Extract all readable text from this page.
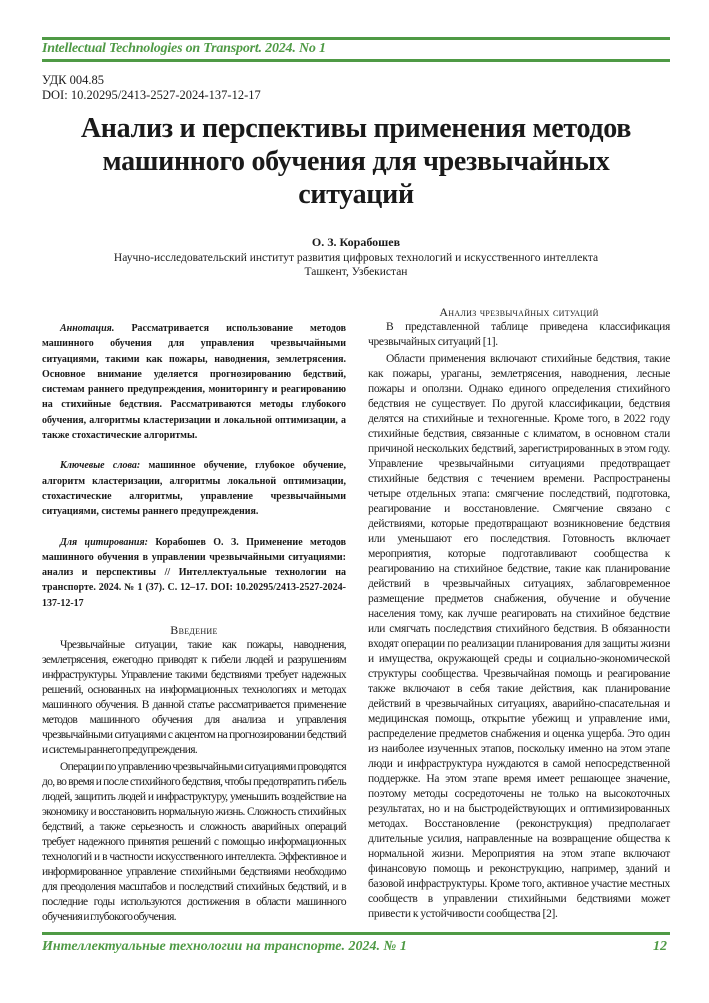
Intellectual Technologies on Transport. 2024. No 1
УДК 004.85
DOI: 10.20295/2413-2527-2024-137-12-17
Анализ и перспективы применения методов
машинного обучения для чрезвычайных
ситуаций
О. З. Корабошев
Научно-исследовательский институт развития цифровых технологий и искусственного интеллекта
Ташкент, Узбекистан

Аннотация. Рассматривается использование методов машинного обучения для управления чрезвычайными ситуациями, такими как пожары, наводнения, землетрясения. Основное внимание уделяется прогнозированию бедствий, системам раннего предупреждения, мониторингу и реагированию на стихийные бедствия. Рассматриваются методы глубокого обучения, алгоритмы кластеризации и локальной оптимизации, а также стохастические алгоритмы.

Ключевые слова: машинное обучение, глубокое обучение, алгоритм кластеризации, алгоритмы локальной оптимизации, стохастические алгоритмы, управление чрезвычайными ситуациями, системы раннего предупреждения.

Для цитирования: Корабошев О. З. Применение методов машинного обучения в управлении чрезвычайными ситуациями: анализ и перспективы // Интеллектуальные технологии на транспорте. 2024. № 1 (37). С. 12–17. DOI: 10.20295/2413-2527-2024-137-12-17

Введение

Чрезвычайные ситуации, такие как пожары, наводнения, землетрясения, ежегодно приводят к гибели людей и разрушениям инфраструктуры. Управление такими бедствиями требует надежных решений, основанных на информационных технологиях и методах машинного обучения. В данной статье рассматривается применение методов машинного обучения для анализа и управления чрезвычайными ситуациями с акцентом на прогнозировании бедствий и системы раннего предупреждения.

Операции по управлению чрезвычайными ситуациями проводятся до, во время и после стихийного бедствия, чтобы предотвратить гибель людей, защитить людей и инфраструктуру, уменьшить воздействие на экономику и восстановить нормальную жизнь. Сложность стихийных бедствий, а также серьезность и сложность аварийных операций требует надежного принятия решений с помощью информационных технологий и в частности искусственного интеллекта. Эффективное и информированное управление стихийными бедствиями необходимо для преодоления масштабов и последствий стихийных бедствий, и в последние годы используются достижения в области машинного обучения и глубокого обучения.

Анализ чрезвычайных ситуаций

В представленной таблице приведена классификация чрезвычайных ситуаций [1].

Области применения включают стихийные бедствия, такие как пожары, ураганы, землетрясения, наводнения, лесные пожары и оползни. Однако единого определения стихийного бедствия не существует. По другой классификации, бедствия делятся на стихийные и техногенные. Кроме того, в 2022 году стихийные бедствия, связанные с климатом, в основном стали причиной нескольких бедствий, зарегистрированных в этом году. Управление чрезвычайными ситуациями предотвращает стихийные бедствия с течением времени. Распространены четыре отдельных этапа: смягчение последствий, подготовка, реагирование и восстановление. Смягчение связано с действиями, которые предотвращают возникновение бедствия или уменьшают его последствия. Готовность включает мероприятия, которые подготавливают сообщества к реагированию на стихийное бедствие, такие как планирование действий в чрезвычайных ситуациях, заблаговременное размещение предметов снабжения, обучение и обучение населения тому, как лучше реагировать на стихийное бедствие или смягчать последствия стихийного бедствия. В обязанности входят операции по реализации планирования для защиты жизни и имущества, окружающей среды и социально-экономической структуры сообщества. Чрезвычайная помощь и реагирование также включают в себя такие действия, как планирование действий в чрезвычайных ситуациях, аварийно-спасательная и медицинская помощь, открытие убежищ и управление ими, распределение предметов снабжения и оценка ущерба. Это один из наиболее изученных этапов, поскольку именно на этом этапе люди и инфраструктура нуждаются в самой непосредственной поддержке. На этом этапе время имеет решающее значение, поэтому методы сосредоточены не только на высокоточных результатах, но и на быстродействующих и оптимизированных методах. Восстановление (реконструкция) предполагает длительные усилия, направленные на возвращение общества к нормальной жизни. Мероприятия на этом этапе включают финансовую помощь и реконструкцию, например, зданий и базовой инфраструктуры. Кроме того, активное участие местных сообществ в управлении стихийными бедствиями может привести к устойчивости сообщества [2].

Интеллектуальные технологии на транспорте. 2024. № 1	12
